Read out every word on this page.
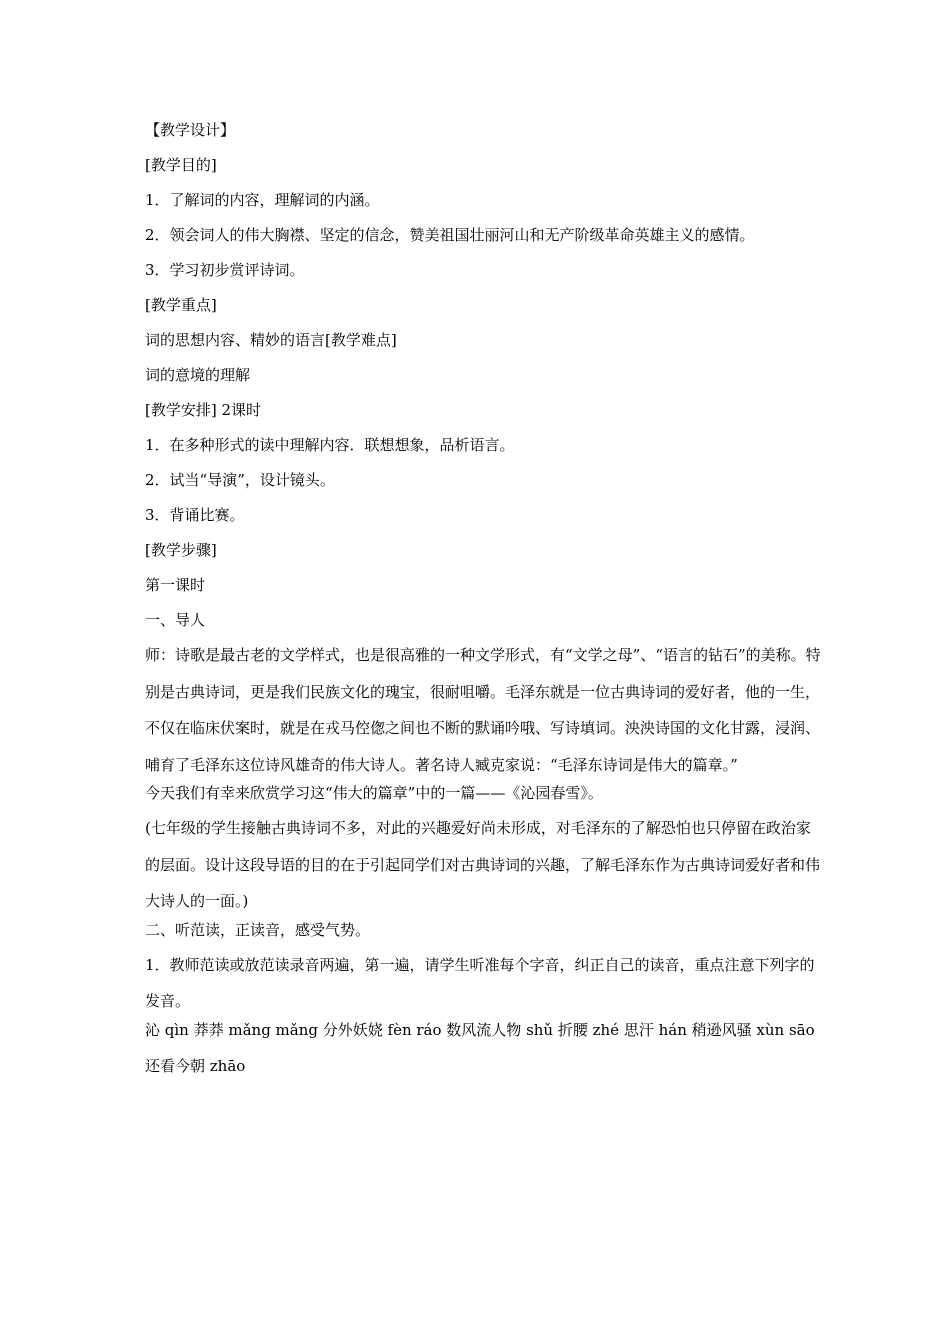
【教学设计】
[教学目的]
1．了解词的内容，理解词的内涵。
2．领会词人的伟大胸襟、坚定的信念，赞美祖国壮丽河山和无产阶级革命英雄主义的感情。
3．学习初步赏评诗词。
[教学重点]
词的思想内容、精妙的语言[教学难点]
词的意境的理解
[教学安排] 2课时
1．在多种形式的读中理解内容．联想想象，品析语言。
2．试当“导演”，设计镜头。
3．背诵比赛。
[教学步骤]
第一课时
一、导人

师：诗歌是最古老的文学样式，也是很高雅的一种文学形式，有“文学之母”、“语言的钻石”的美称。特别是古典诗词，更是我们民族文化的瑰宝，很耐咀嚼。毛泽东就是一位古典诗词的爱好者，他的一生，不仅在临床伏案时，就是在戎马倥偬之间也不断的默诵吟哦、写诗填词。泱泱诗国的文化甘露，浸润、哺育了毛泽东这位诗风雄奇的伟大诗人。著名诗人臧克家说：“毛泽东诗词是伟大的篇章。”

今天我们有幸来欣赏学习这“伟大的篇章”中的一篇——《沁园春雪》。

(七年级的学生接触古典诗词不多，对此的兴趣爱好尚未形成，对毛泽东的了解恐怕也只停留在政治家的层面。设计这段导语的目的在于引起同学们对古典诗词的兴趣，了解毛泽东作为古典诗词爱好者和伟大诗人的一面。)

二、听范读，正读音，感受气势。

1．教师范读或放范读录音两遍，第一遍，请学生听准每个字音，纠正自己的读音，重点注意下列字的发音。

沁 qìn 莽莽 mǎng mǎng 分外妖娆 fèn ráo 数风流人物 shǔ 折腰 zhé 思汗 hán 稍逊风骚 xùn sāo 还看今朝 zhāo
